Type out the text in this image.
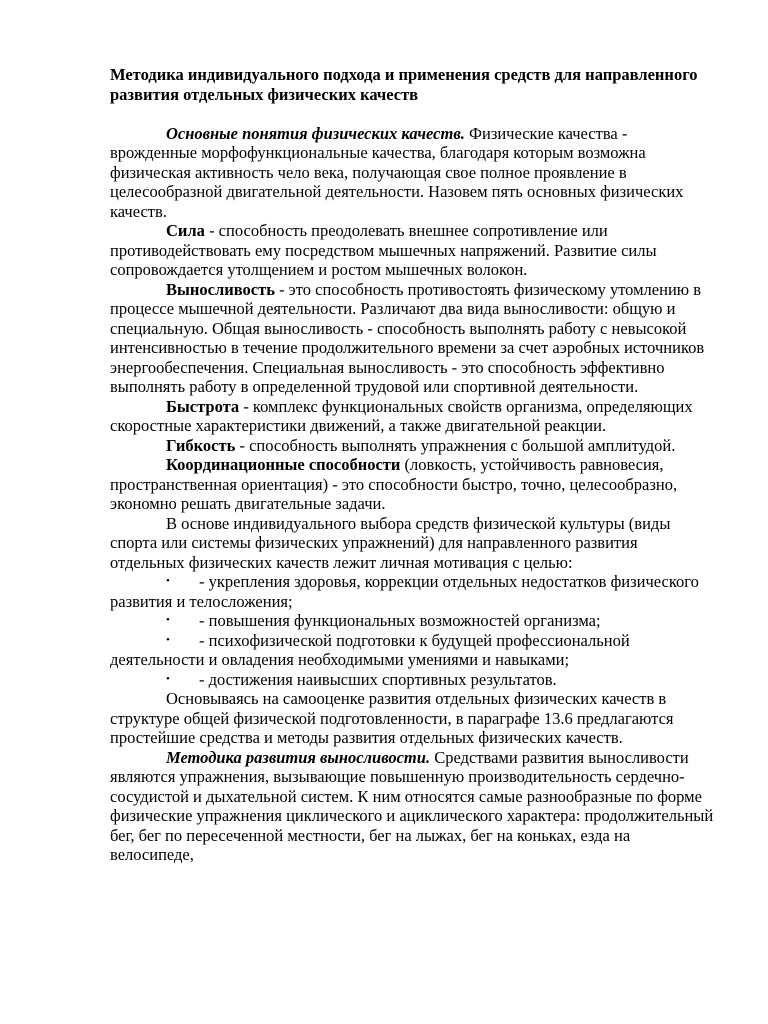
Методика индивидуального подхода и применения средств для направленного развития отдельных физических качеств

Основные понятия физических качеств. Физические качества - врожденные морфофункциональные качества, благодаря которым возможна физическая активность чело века, получающая свое полное проявление в целесообразной двигательной деятельности. Назовем пять основных физических качеств.

Сила - способность преодолевать внешнее сопротивление или противодействовать ему посредством мышечных напряжений. Развитие силы сопровождается утолщением и ростом мышечных волокон.

Выносливость - это способность противостоять физическому утомлению в процессе мышечной деятельности. Различают два вида выносливости: общую и специальную. Общая выносливость - способность выполнять работу с невысокой интенсивностью в течение продолжительного времени за счет аэробных источников энергообеспечения. Специальная выносливость - это способность эффективно выполнять работу в определенной трудовой или спортивной деятельности.

Быстрота - комплекс функциональных свойств организма, определяющих скоростные характеристики движений, а также двигательной реакции.

Гибкость - способность выполнять упражнения с большой амплитудой.

Координационные способности (ловкость, устойчивость равновесия, пространственная ориентация) - это способности быстро, точно, целесообразно, экономно решать двигательные задачи.

В основе индивидуального выбора средств физической культуры (виды спорта или системы физических упражнений) для направленного развития отдельных физических качеств лежит личная мотивация с целью:

• - укрепления здоровья, коррекции отдельных недостатков физического развития и телосложения;
• - повышения функциональных возможностей организма;
• - психофизической подготовки к будущей профессиональной деятельности и овладения необходимыми умениями и навыками;
• - достижения наивысших спортивных результатов.

Основываясь на самооценке развития отдельных физических качеств в структуре общей физической подготовленности, в параграфе 13.6 предлагаются простейшие средства и методы развития отдельных физических качеств.

Методика развития выносливости. Средствами развития выносливости являются упражнения, вызывающие повышенную производительность сердечно-сосудистой и дыхательной систем. К ним относятся самые разнообразные по форме физические упражнения циклического и ациклического характера: продолжительный бег, бег по пересеченной местности, бег на лыжах, бег на коньках, езда на велосипеде,
